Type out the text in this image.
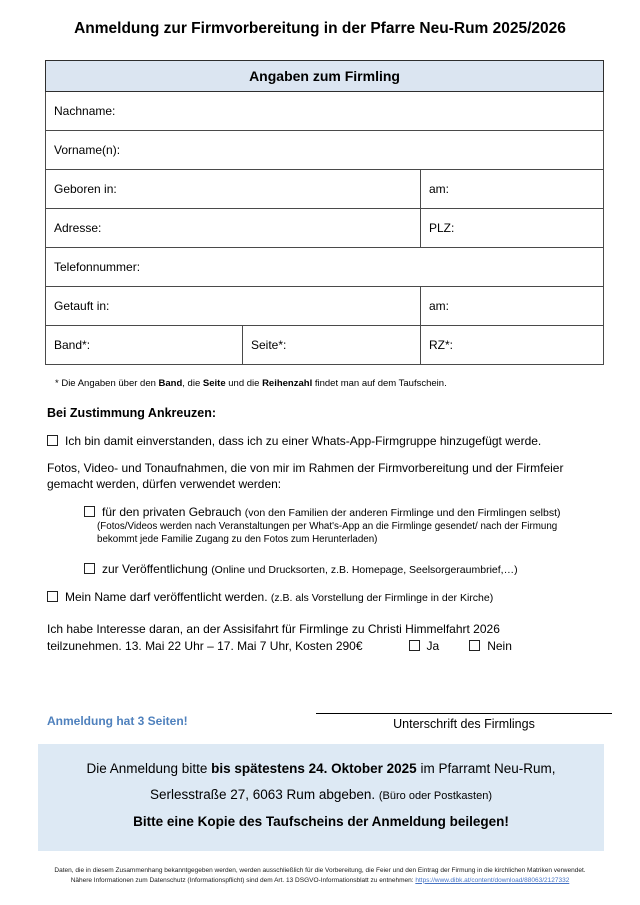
Anmeldung zur Firmvorbereitung in der Pfarre Neu-Rum 2025/2026
Angaben zum Firmling		
Nachname:		
Vorname(n):		
Geboren in:		am:
Adresse:		PLZ:
Telefonnummer:		
Getauft in:		am:
Band*:	Seite*:	RZ*:
* Die Angaben über den Band, die Seite und die Reihenzahl findet man auf dem Taufschein.
Bei Zustimmung Ankreuzen:
Ich bin damit einverstanden, dass ich zu einer Whats-App-Firmgruppe hinzugefügt werde.
Fotos, Video- und Tonaufnahmen, die von mir im Rahmen der Firmvorbereitung und der Firmfeier
gemacht werden, dürfen verwendet werden:
für den privaten Gebrauch (von den Familien der anderen Firmlinge und den Firmlingen selbst)
(Fotos/Videos werden nach Veranstaltungen per What's-App an die Firmlinge gesendet/ nach der Firmung
bekommt jede Familie Zugang zu den Fotos zum Herunterladen)
zur Veröffentlichung (Online und Drucksorten, z.B. Homepage, Seelsorgeraumbrief,…)
Mein Name darf veröffentlicht werden. (z.B. als Vorstellung der Firmlinge in der Kirche)
Ich habe Interesse daran, an der Assisifahrt für Firmlinge zu Christi Himmelfahrt 2026
teilzunehmen. 13. Mai 22 Uhr – 17. Mai 7 Uhr, Kosten 290€	Ja	Nein
Anmeldung hat 3 Seiten!	Unterschrift des Firmlings
Die Anmeldung bitte bis spätestens 24. Oktober 2025 im Pfarramt Neu-Rum,
Serlesstraße 27, 6063 Rum abgeben. (Büro oder Postkasten)
Bitte eine Kopie des Taufscheins der Anmeldung beilegen!
Daten, die in diesem Zusammenhang bekanntgegeben werden, werden ausschließlich für die Vorbereitung, die Feier und den Eintrag der Firmung in die kirchlichen Matriken verwendet.
Nähere Informationen zum Datenschutz (Informationspflicht) sind dem Art. 13 DSGVO-Informationsblatt zu entnehmen: https://www.dibk.at/content/download/88063/2127332
